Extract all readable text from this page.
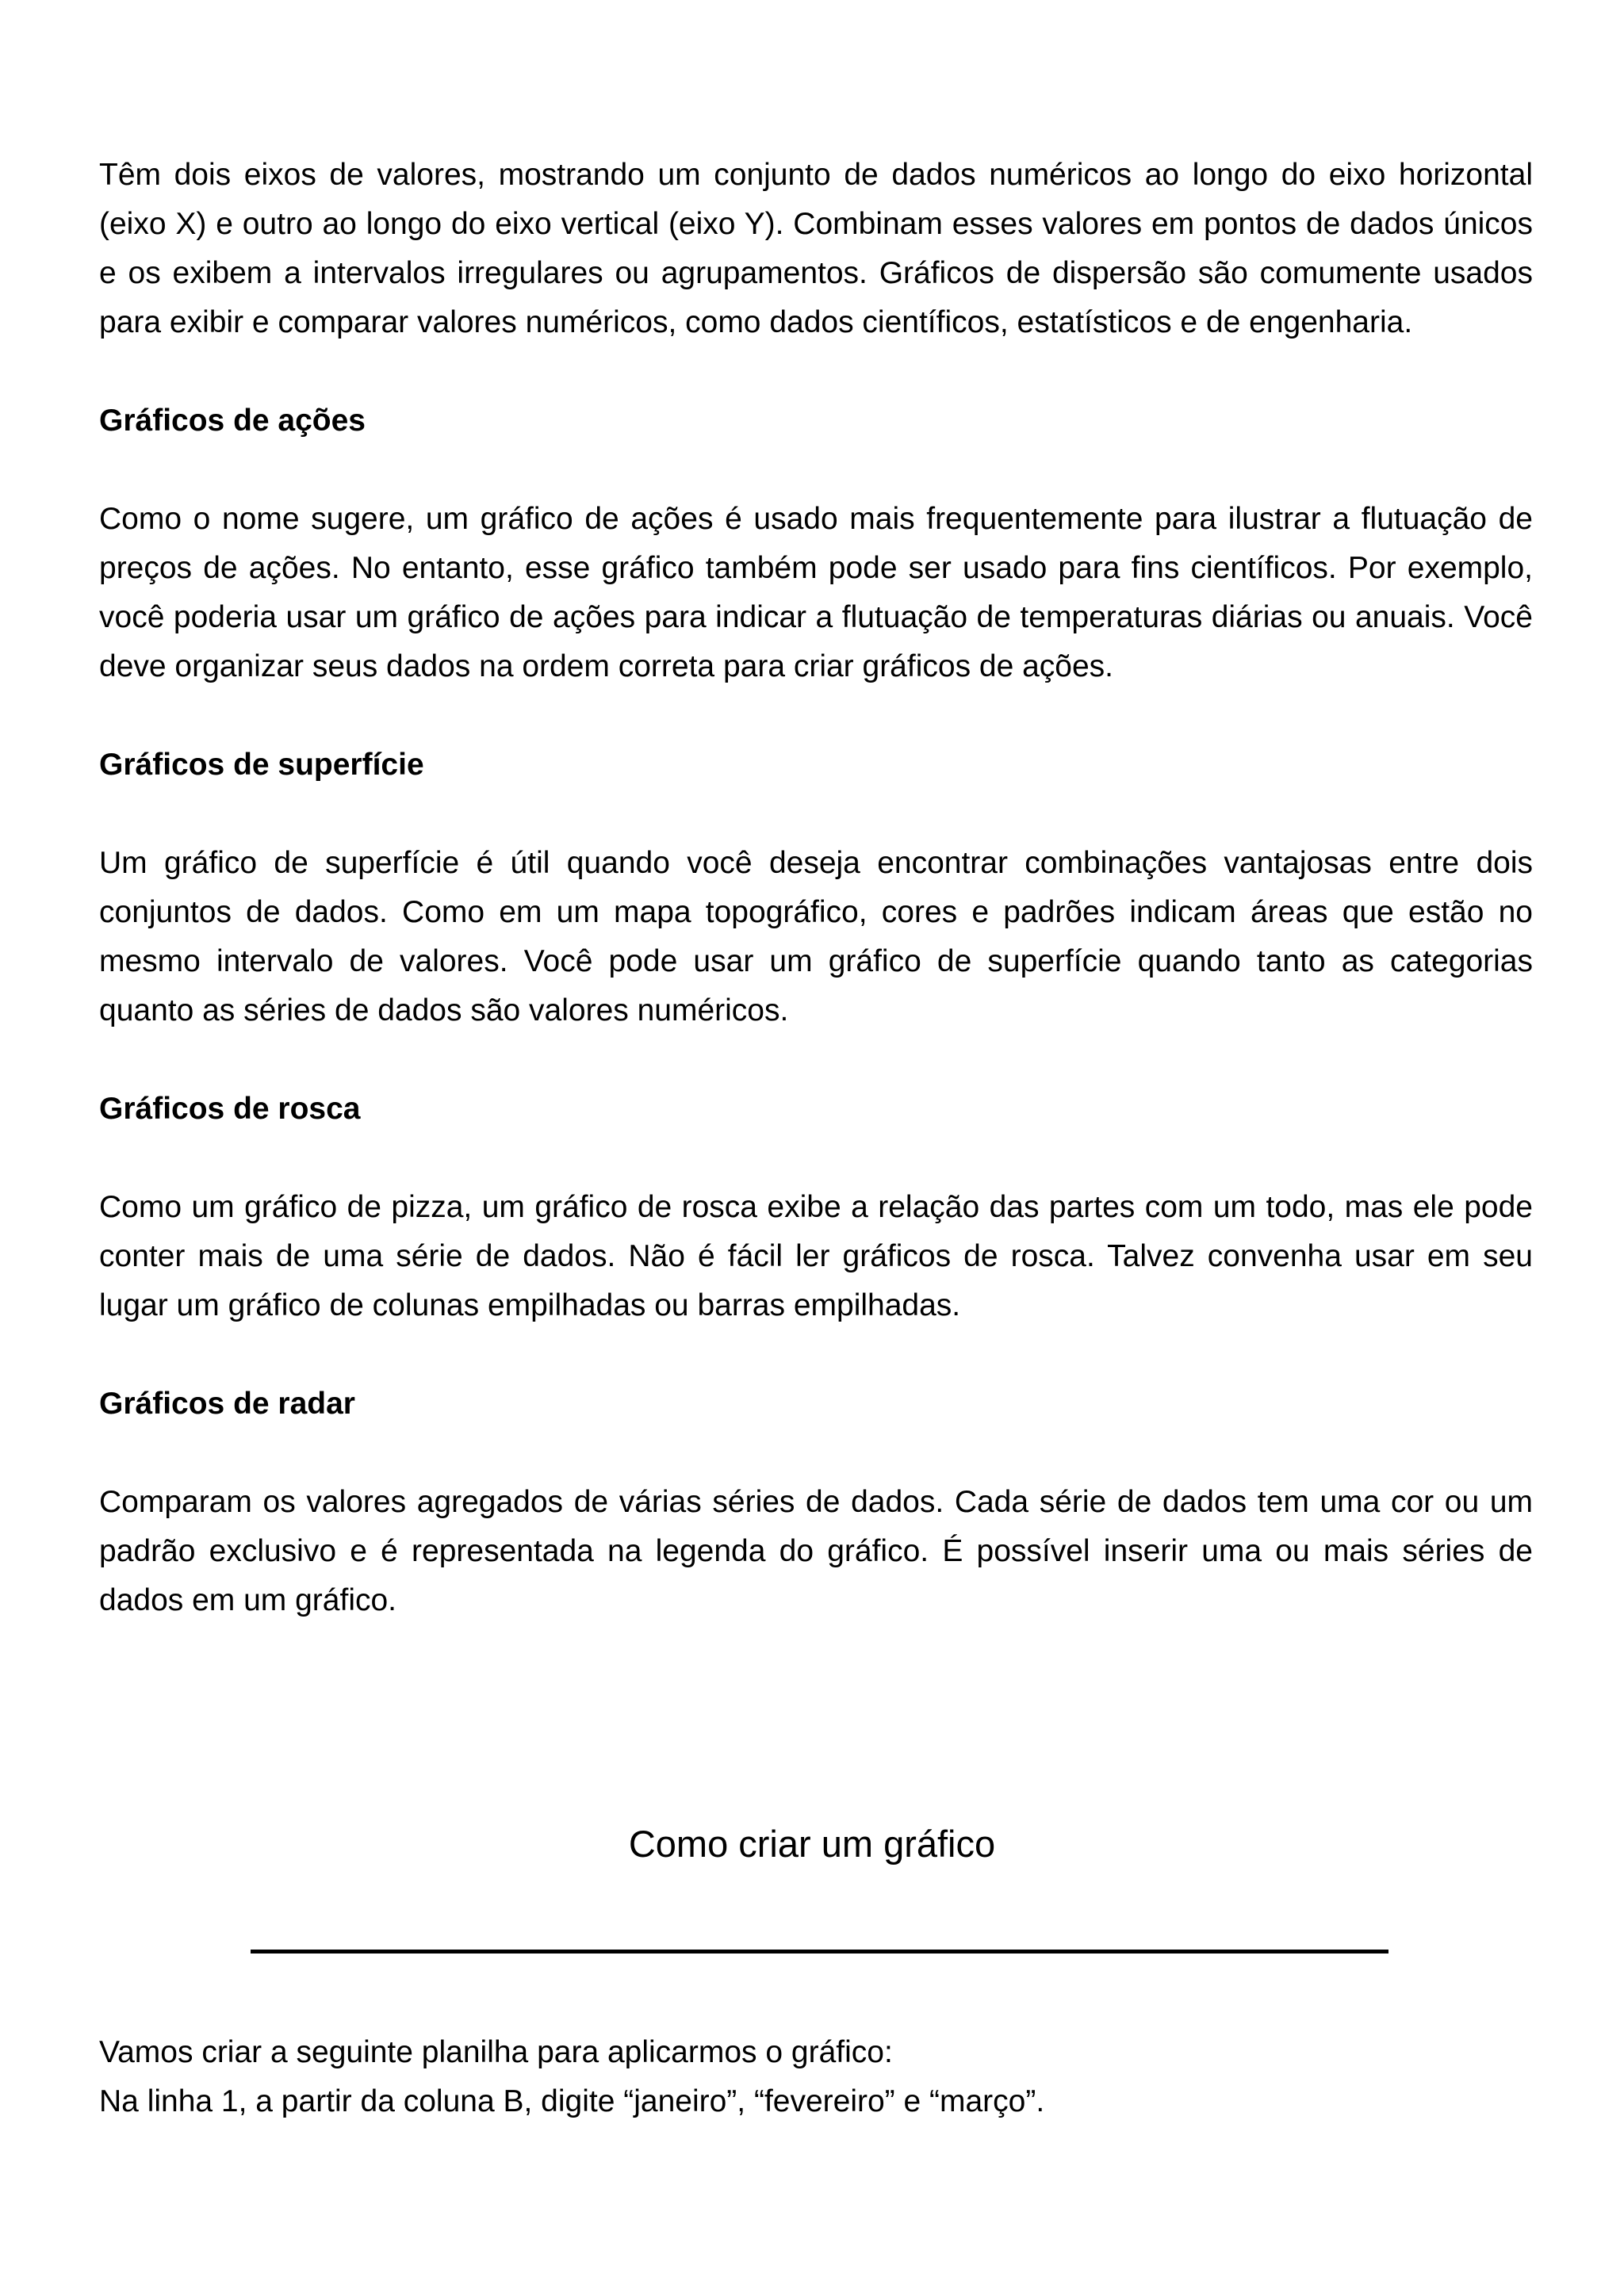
Têm dois eixos de valores, mostrando um conjunto de dados numéricos ao longo do eixo horizontal (eixo X) e outro ao longo do eixo vertical (eixo Y). Combinam esses valores em pontos de dados únicos e os exibem a intervalos irregulares ou agrupamentos. Gráficos de dispersão são comumente usados para exibir e comparar valores numéricos, como dados científicos, estatísticos e de engenharia.

Gráficos de ações

Como o nome sugere, um gráfico de ações é usado mais frequentemente para ilustrar a flutuação de preços de ações. No entanto, esse gráfico também pode ser usado para fins científicos. Por exemplo, você poderia usar um gráfico de ações para indicar a flutuação de temperaturas diárias ou anuais. Você deve organizar seus dados na ordem correta para criar gráficos de ações.

Gráficos de superfície

Um gráfico de superfície é útil quando você deseja encontrar combinações vantajosas entre dois conjuntos de dados. Como em um mapa topográfico, cores e padrões indicam áreas que estão no mesmo intervalo de valores. Você pode usar um gráfico de superfície quando tanto as categorias quanto as séries de dados são valores numéricos.

Gráficos de rosca

Como um gráfico de pizza, um gráfico de rosca exibe a relação das partes com um todo, mas ele pode conter mais de uma série de dados. Não é fácil ler gráficos de rosca. Talvez convenha usar em seu lugar um gráfico de colunas empilhadas ou barras empilhadas.

Gráficos de radar

Comparam os valores agregados de várias séries de dados. Cada série de dados tem uma cor ou um padrão exclusivo e é representada na legenda do gráfico. É possível inserir uma ou mais séries de dados em um gráfico.

Como criar um gráfico

Vamos criar a seguinte planilha para aplicarmos o gráfico:

Na linha 1, a partir da coluna B, digite “janeiro”, “fevereiro” e “março”.
